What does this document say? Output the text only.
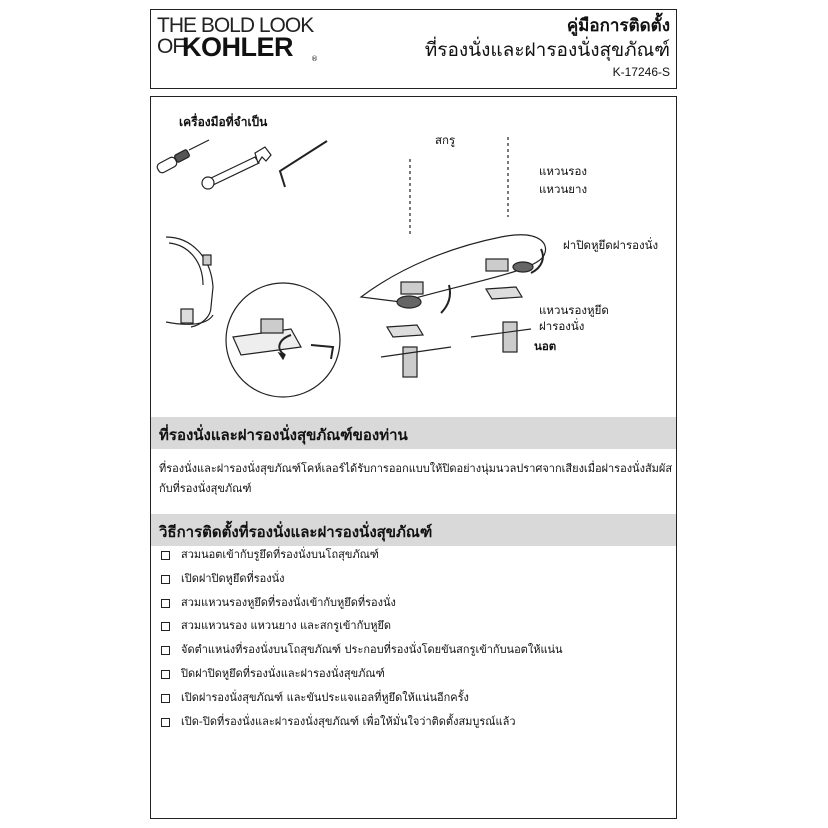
THE BOLD LOOK
OF
KOHLER	®
คู่มือการติดตั้ง
ที่รองนั่งและฝารองนั่งสุขภัณฑ์
K-17246-S
เครื่องมือที่จำเป็น
สกรู
แหวนรอง
แหวนยาง
ฝาปิดหูยึดฝารองนั่ง
แหวนรองหูยึด
ฝารองนั่ง
นอต
ที่รองนั่งและฝารองนั่งสุขภัณฑ์ของท่าน
ที่รองนั่งและฝารองนั่งสุขภัณฑ์โคห์เลอร์ได้รับการออกแบบให้ปิดอย่างนุ่มนวลปราศจากเสียงเมื่อฝารองนั่งสัมผัสกับที่รองนั่งสุขภัณฑ์
วิธีการติดตั้งที่รองนั่งและฝารองนั่งสุขภัณฑ์
สวมนอตเข้ากับรูยึดที่รองนั่งบนโถสุขภัณฑ์
เปิดฝาปิดหูยึดที่รองนั่ง
สวมแหวนรองหูยึดที่รองนั่งเข้ากับหูยึดที่รองนั่ง
สวมแหวนรอง แหวนยาง และสกรูเข้ากับหูยึด
จัดตำแหน่งที่รองนั่งบนโถสุขภัณฑ์ ประกอบที่รองนั่งโดยขันสกรูเข้ากับนอตให้แน่น
ปิดฝาปิดหูยึดที่รองนั่งและฝารองนั่งสุขภัณฑ์
เปิดฝารองนั่งสุขภัณฑ์ และขันประแจแอลที่หูยึดให้แน่นอีกครั้ง
เปิด-ปิดที่รองนั่งและฝารองนั่งสุขภัณฑ์ เพื่อให้มั่นใจว่าติดตั้งสมบูรณ์แล้ว
